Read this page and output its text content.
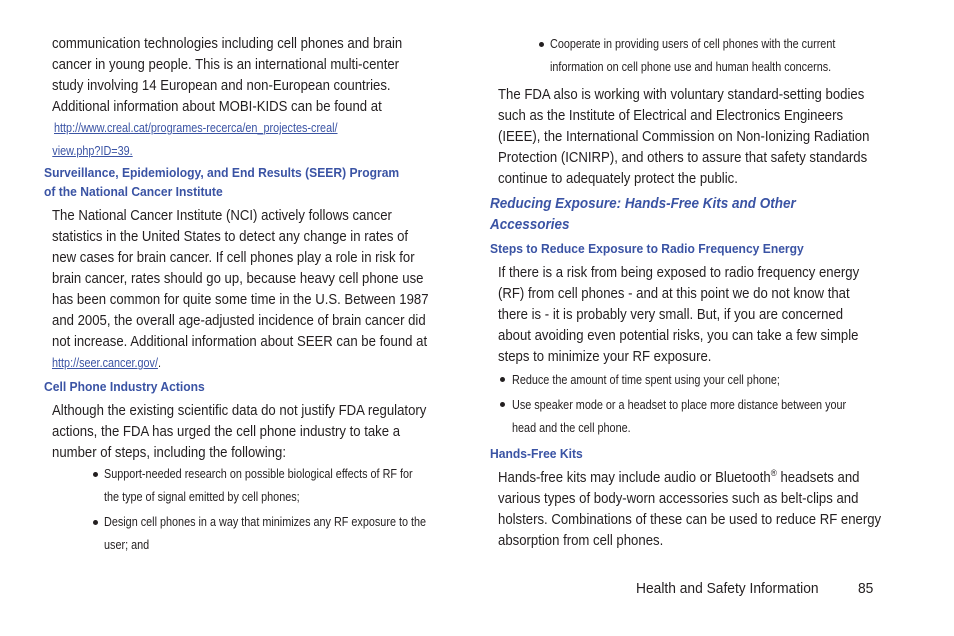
communication technologies including cell phones and brain
cancer in young people. This is an international multi-center
study involving 14 European and non-European countries.
Additional information about MOBI-KIDS can be found at

http://www.creal.cat/programes-recerca/en_projectes-creal/
view.php?ID=39.

Surveillance, Epidemiology, and End Results (SEER) Program
of the National Cancer Institute

The National Cancer Institute (NCI) actively follows cancer
statistics in the United States to detect any change in rates of
new cases for brain cancer. If cell phones play a role in risk for
brain cancer, rates should go up, because heavy cell phone use
has been common for quite some time in the U.S. Between 1987
and 2005, the overall age-adjusted incidence of brain cancer did
not increase. Additional information about SEER can be found at

http://seer.cancer.gov/.

Cell Phone Industry Actions

Although the existing scientific data do not justify FDA regulatory
actions, the FDA has urged the cell phone industry to take a
number of steps, including the following:

Support-needed research on possible biological effects of RF for
the type of signal emitted by cell phones;

Design cell phones in a way that minimizes any RF exposure to the
user; and

Cooperate in providing users of cell phones with the current
information on cell phone use and human health concerns.

The FDA also is working with voluntary standard-setting bodies
such as the Institute of Electrical and Electronics Engineers
(IEEE), the International Commission on Non-Ionizing Radiation
Protection (ICNIRP), and others to assure that safety standards
continue to adequately protect the public.

Reducing Exposure: Hands-Free Kits and Other
Accessories
Steps to Reduce Exposure to Radio Frequency Energy

If there is a risk from being exposed to radio frequency energy
(RF) from cell phones - and at this point we do not know that
there is - it is probably very small. But, if you are concerned
about avoiding even potential risks, you can take a few simple
steps to minimize your RF exposure.

Reduce the amount of time spent using your cell phone;

Use speaker mode or a headset to place more distance between your
head and the cell phone.

Hands-Free Kits

Hands-free kits may include audio or Bluetooth® headsets and
various types of body-worn accessories such as belt-clips and
holsters. Combinations of these can be used to reduce RF energy
absorption from cell phones.

Health and Safety Information	85
